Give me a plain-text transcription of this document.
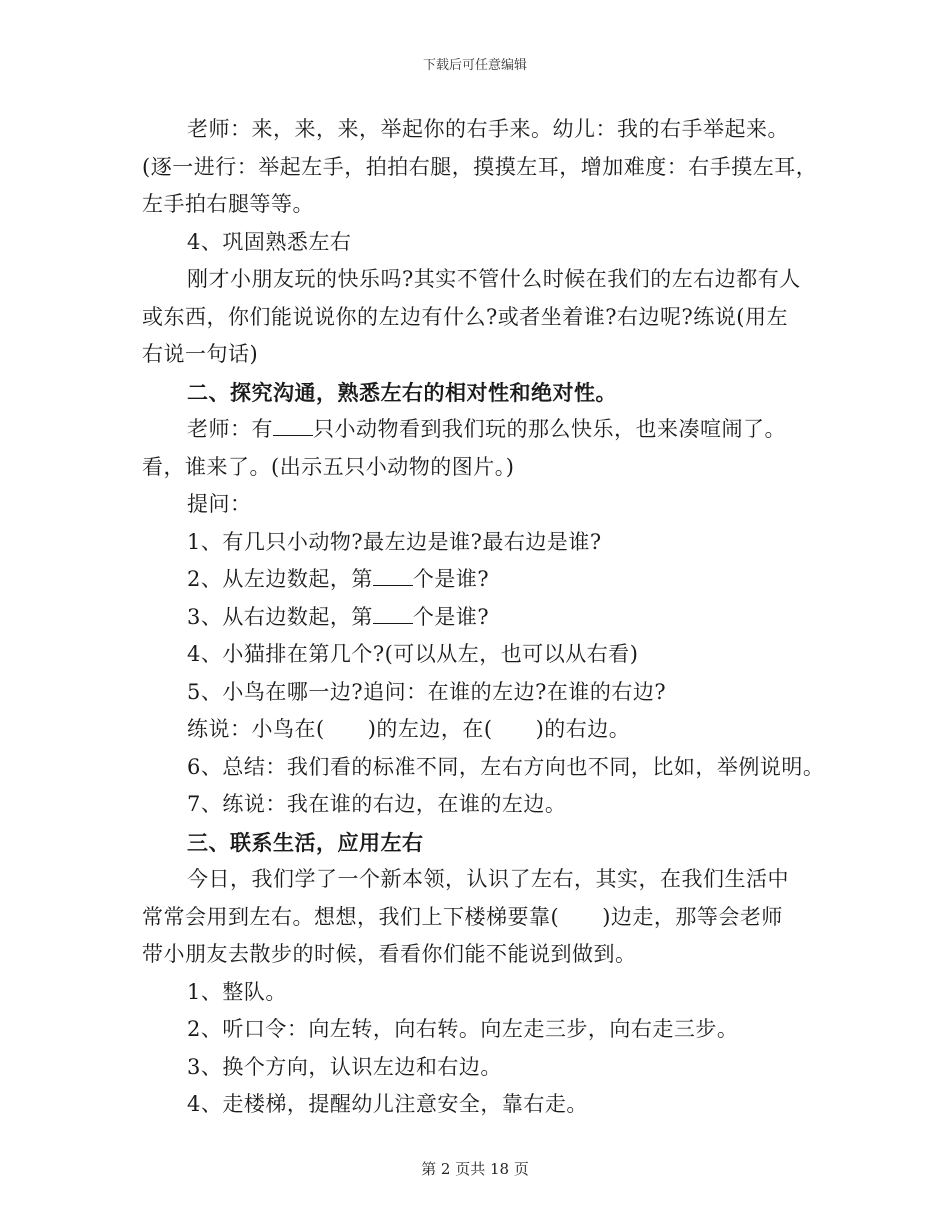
下载后可任意编辑
老师：来，来，来，举起你的右手来。幼儿：我的右手举起来。
(逐一进行：举起左手，拍拍右腿，摸摸左耳，增加难度：右手摸左耳，
左手拍右腿等等。
4、巩固熟悉左右
刚才小朋友玩的快乐吗?其实不管什么时候在我们的左右边都有人
或东西，你们能说说你的左边有什么?或者坐着谁?右边呢?练说(用左
右说一句话)
二、探究沟通，熟悉左右的相对性和绝对性。
老师：有 只小动物看到我们玩的那么快乐，也来凑喧闹了。
看，谁来了。(出示五只小动物的图片。)
提问：
1、有几只小动物?最左边是谁?最右边是谁?
2、从左边数起，第 个是谁?
3、从右边数起，第 个是谁?
4、小猫排在第几个?(可以从左，也可以从右看)
5、小鸟在哪一边?追问：在谁的左边?在谁的右边?
练说：小鸟在(　　)的左边，在(　　)的右边。
6、总结：我们看的标准不同，左右方向也不同，比如，举例说明。
7、练说：我在谁的右边，在谁的左边。
三、联系生活，应用左右
今日，我们学了一个新本领，认识了左右，其实，在我们生活中
常常会用到左右。想想，我们上下楼梯要靠(　　)边走，那等会老师
带小朋友去散步的时候，看看你们能不能说到做到。
1、整队。
2、听口令：向左转，向右转。向左走三步，向右走三步。
3、换个方向，认识左边和右边。
4、走楼梯，提醒幼儿注意安全，靠右走。
第 2 页共 18 页
